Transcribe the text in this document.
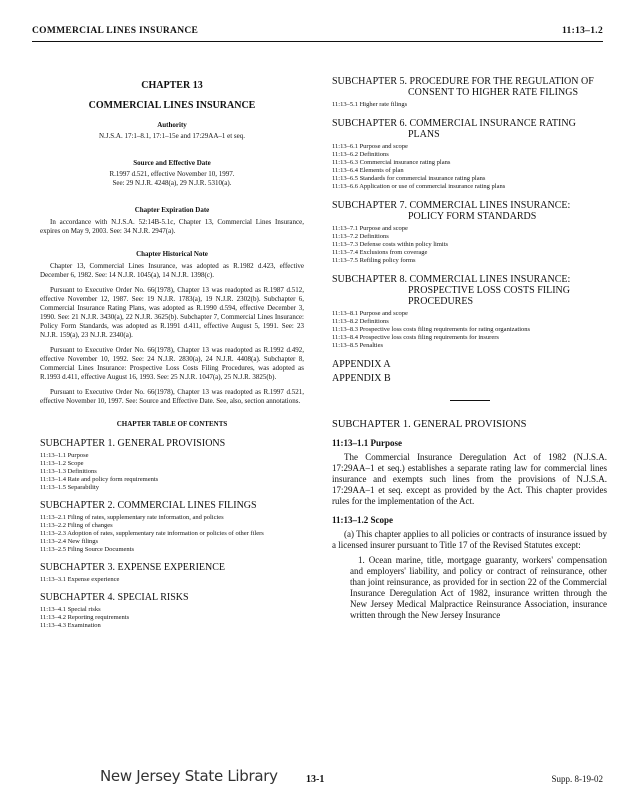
COMMERCIAL LINES INSURANCE	11:13–1.2
CHAPTER 13
COMMERCIAL LINES INSURANCE
Authority
N.J.S.A. 17:1–8.1, 17:1–15e and 17:29AA–1 et seq.
Source and Effective Date
R.1997 d.521, effective November 10, 1997.
See: 29 N.J.R. 4248(a), 29 N.J.R. 5310(a).
Chapter Expiration Date

In accordance with N.J.S.A. 52:14B-5.1c, Chapter 13, Commercial Lines Insurance, expires on May 9, 2003. See: 34 N.J.R. 2947(a).

Chapter Historical Note

Chapter 13, Commercial Lines Insurance, was adopted as R.1982 d.423, effective December 6, 1982. See: 14 N.J.R. 1045(a), 14 N.J.R. 1398(c).

Pursuant to Executive Order No. 66(1978), Chapter 13 was readopted as R.1987 d.512, effective November 12, 1987. See: 19 N.J.R. 1783(a), 19 N.J.R. 2302(b). Subchapter 6, Commercial Insurance Rating Plans, was adopted as R.1990 d.594, effective December 3, 1990. See: 21 N.J.R. 3430(a), 22 N.J.R. 3625(b). Subchapter 7, Commercial Lines Insurance: Policy Form Standards, was adopted as R.1991 d.411, effective August 5, 1991. See: 23 N.J.R. 159(a), 23 N.J.R. 2340(a).

Pursuant to Executive Order No. 66(1978), Chapter 13 was readopted as R.1992 d.492, effective November 10, 1992. See: 24 N.J.R. 2830(a), 24 N.J.R. 4408(a). Subchapter 8, Commercial Lines Insurance: Prospective Loss Costs Filing Procedures, was adopted as R.1993 d.411, effective August 16, 1993. See: 25 N.J.R. 1047(a), 25 N.J.R. 3825(b).

Pursuant to Executive Order No. 66(1978), Chapter 13 was readopted as R.1997 d.521, effective November 10, 1997. See: Source and Effective Date. See, also, section annotations.

CHAPTER TABLE OF CONTENTS
SUBCHAPTER 1. GENERAL PROVISIONS
11:13–1.1 Purpose
11:13–1.2 Scope
11:13–1.3 Definitions
11:13–1.4 Rate and policy form requirements
11:13–1.5 Separability
SUBCHAPTER 2. COMMERCIAL LINES FILINGS
11:13–2.1 Filing of rates, supplementary rate information, and policies
11:13–2.2 Filing of changes
11:13–2.3 Adoption of rates, supplementary rate information or policies of other filers
11:13–2.4 New filings
11:13–2.5 Filing Source Documents
SUBCHAPTER 3. EXPENSE EXPERIENCE
11:13–3.1 Expense experience
SUBCHAPTER 4. SPECIAL RISKS
11:13–4.1 Special risks
11:13–4.2 Reporting requirements
11:13–4.3 Examination
SUBCHAPTER 5. PROCEDURE FOR THE REGULATION OF CONSENT TO HIGHER RATE FILINGS
11:13–5.1 Higher rate filings
SUBCHAPTER 6. COMMERCIAL INSURANCE RATING PLANS
11:13–6.1 Purpose and scope
11:13–6.2 Definitions
11:13–6.3 Commercial insurance rating plans
11:13–6.4 Elements of plan
11:13–6.5 Standards for commercial insurance rating plans
11:13–6.6 Application or use of commercial insurance rating plans
SUBCHAPTER 7. COMMERCIAL LINES INSURANCE: POLICY FORM STANDARDS
11:13–7.1 Purpose and scope
11:13–7.2 Definitions
11:13–7.3 Defense costs within policy limits
11:13–7.4 Exclusions from coverage
11:13–7.5 Refiling policy forms
SUBCHAPTER 8. COMMERCIAL LINES INSURANCE: PROSPECTIVE LOSS COSTS FILING PROCEDURES
11:13–8.1 Purpose and scope
11:13–8.2 Definitions
11:13–8.3 Prospective loss costs filing requirements for rating organizations
11:13–8.4 Prospective loss costs filing requirements for insurers
11:13–8.5 Penalties
APPENDIX A
APPENDIX B
SUBCHAPTER 1. GENERAL PROVISIONS
11:13–1.1 Purpose

The Commercial Insurance Deregulation Act of 1982 (N.J.S.A. 17:29AA–1 et seq.) establishes a separate rating law for commercial lines insurance and exempts such lines from the provisions of N.J.S.A. 17:29AA–1 et seq. except as provided by the Act. This chapter provides rules for the implementation of the Act.

11:13–1.2 Scope

(a) This chapter applies to all policies or contracts of insurance issued by a licensed insurer pursuant to Title 17 of the Revised Statutes except:

1. Ocean marine, title, mortgage guaranty, workers' compensation and employers' liability, and policy or contract of reinsurance, other than joint reinsurance, as provided for in section 22 of the Commercial Insurance Deregulation Act of 1982, insurance written through the New Jersey Medical Malpractice Reinsurance Association, insurance written through the New Jersey Insurance

New Jersey State Library	13-1	Supp. 8-19-02
